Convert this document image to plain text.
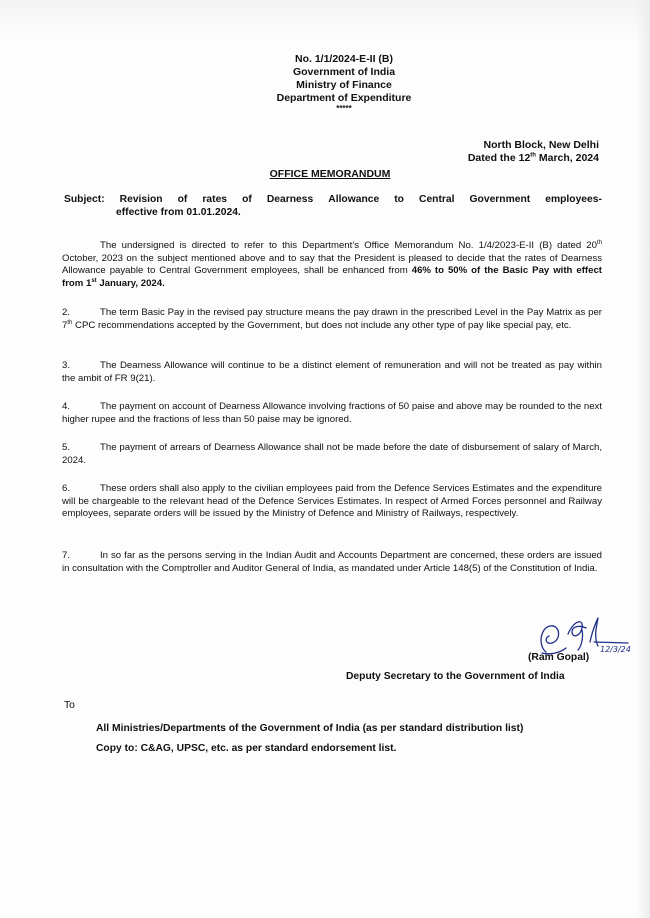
No. 1/1/2024-E-II (B)
Government of India
Ministry of Finance
Department of Expenditure
*****
North Block, New Delhi
Dated the 12th March, 2024
OFFICE MEMORANDUM
Subject: Revision of rates of Dearness Allowance to Central Government employees-
effective from 01.01.2024.
The undersigned is directed to refer to this Department’s Office Memorandum No. 1/4/2023-E-II (B) dated 20th October, 2023 on the subject mentioned above and to say that the President is pleased to decide that the rates of Dearness Allowance payable to Central Government employees, shall be enhanced from 46% to 50% of the Basic Pay with effect from 1st January, 2024.
2.	The term Basic Pay in the revised pay structure means the pay drawn in the prescribed Level in the Pay Matrix as per 7th CPC recommendations accepted by the Government, but does not include any other type of pay like special pay, etc.
3.	The Dearness Allowance will continue to be a distinct element of remuneration and will not be treated as pay within the ambit of FR 9(21).
4.	The payment on account of Dearness Allowance involving fractions of 50 paise and above may be rounded to the next higher rupee and the fractions of less than 50 paise may be ignored.
5.	The payment of arrears of Dearness Allowance shall not be made before the date of disbursement of salary of March, 2024.
6.	These orders shall also apply to the civilian employees paid from the Defence Services Estimates and the expenditure will be chargeable to the relevant head of the Defence Services Estimates. In respect of Armed Forces personnel and Railway employees, separate orders will be issued by the Ministry of Defence and Ministry of Railways, respectively.
7.	In so far as the persons serving in the Indian Audit and Accounts Department are concerned, these orders are issued in consultation with the Comptroller and Auditor General of India, as mandated under Article 148(5) of the Constitution of India.
12/3/24
(Ram Gopal)
Deputy Secretary to the Government of India
To
All Ministries/Departments of the Government of India (as per standard distribution list)
Copy to: C&AG, UPSC, etc. as per standard endorsement list.
